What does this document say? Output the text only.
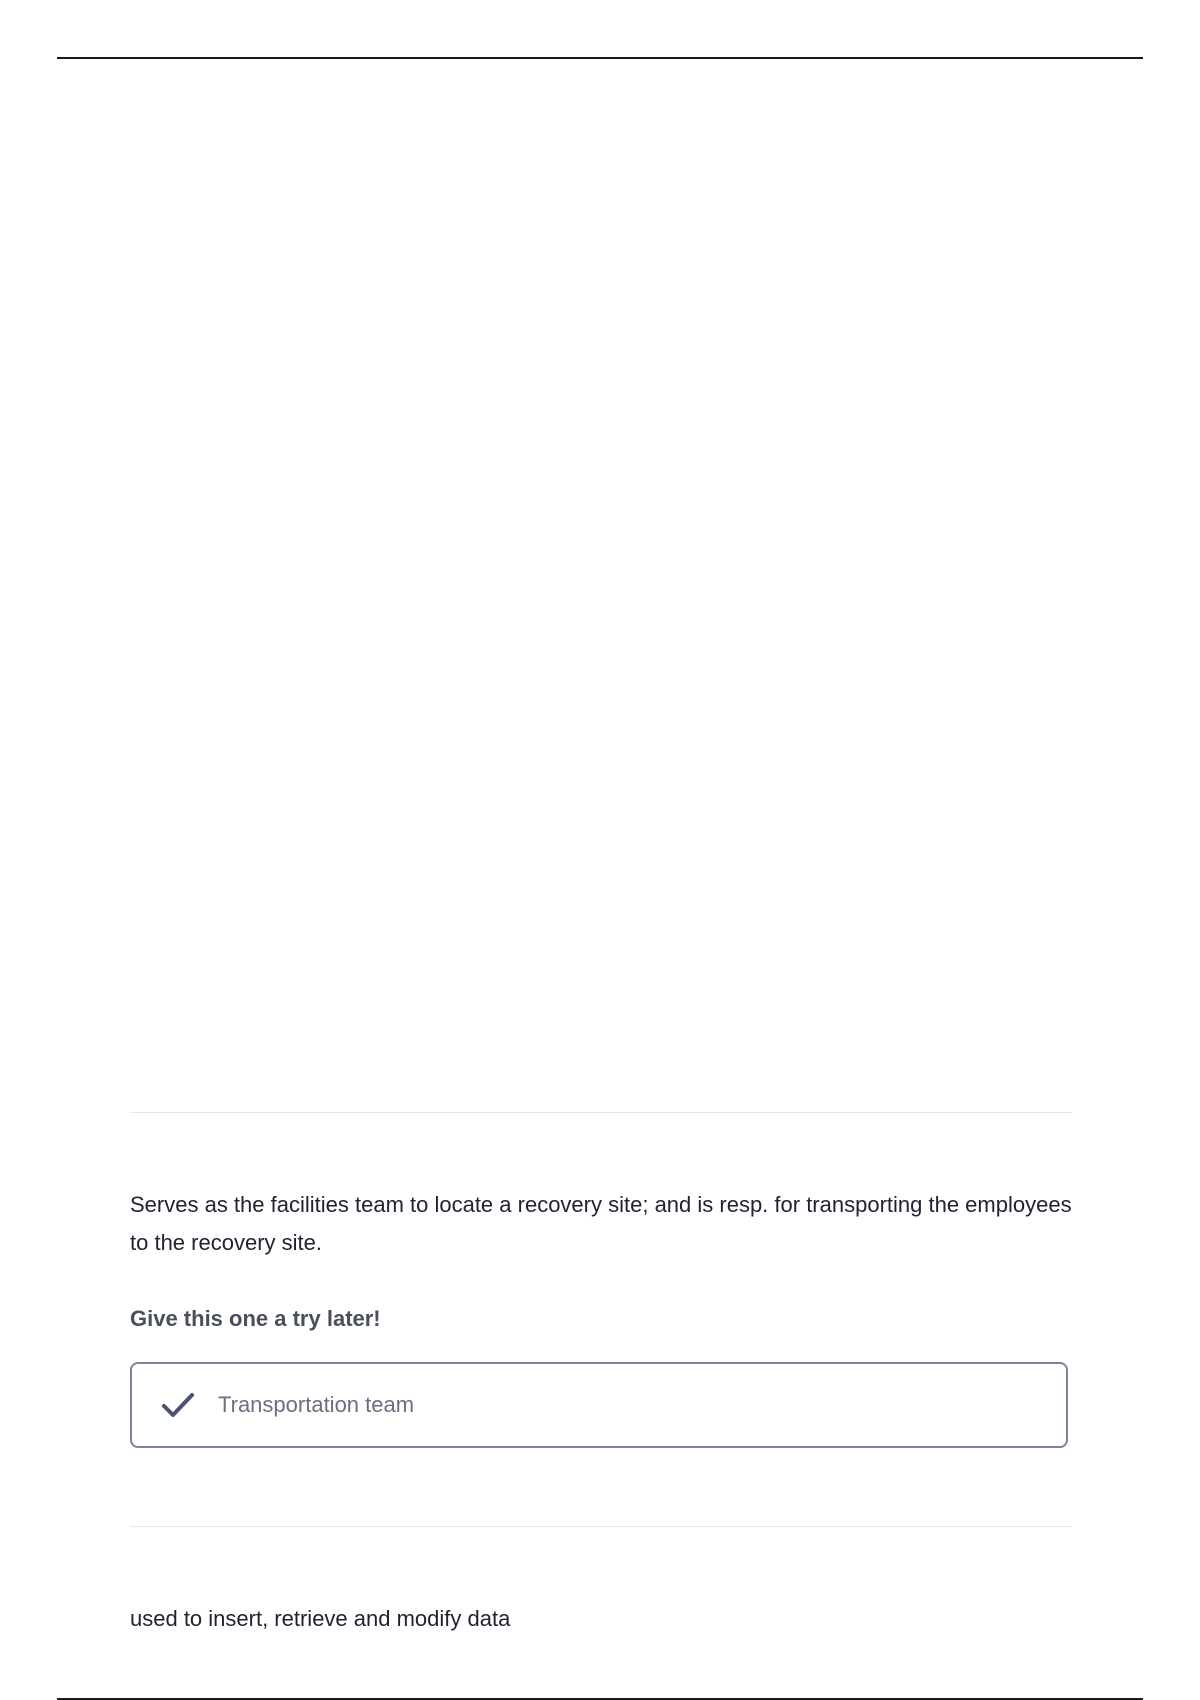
Serves as the facilities team to locate a recovery site; and is resp. for transporting the employees to the recovery site.

Give this one a try later!

Transportation team

used to insert, retrieve and modify data
